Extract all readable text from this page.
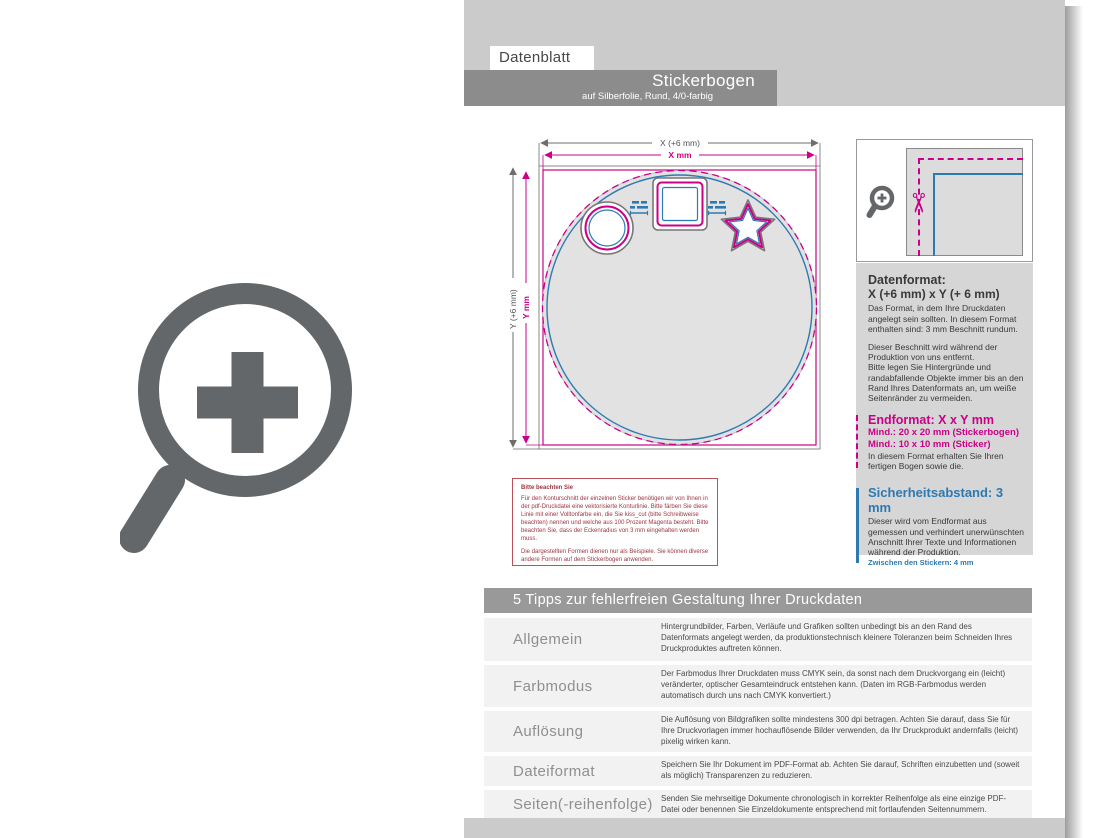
Datenblatt
Stickerbogen
auf Silberfolie, Rund, 4/0-farbig
X (+6 mm)
X mm
Y (+6 mm) Y mm
Bitte beachten Sie

Für den Konturschnitt der einzelnen Sticker benötigen wir von Ihnen in der pdf-Druckdatei eine vektorisierte Konturlinie. Bitte färben Sie diese Linie mit einer Volltonfarbe ein, die Sie kiss_cut (bitte Schreibweise beachten) nennen und welche aus 100 Prozent Magenta besteht. Bitte beachten Sie, dass der Eckenradius von 3 mm eingehalten werden muss.

Die dargestellten Formen dienen nur als Beispiele. Sie können diverse andere Formen auf dem Stickerbogen anwenden.

✂
Datenformat:
X (+6 mm) x Y (+ 6 mm)

Das Format, in dem Ihre Druckdaten angelegt sein sollten. In diesem Format enthalten sind: 3 mm Beschnitt rundum.

Dieser Beschnitt wird während der Produktion von uns entfernt.

Bitte legen Sie Hintergründe und randabfallende Objekte immer bis an den Rand Ihres Datenformats an, um weiße Seitenränder zu vermeiden.

Endformat: X x Y mm
Mind.: 20 x 20 mm (Stickerbogen)
Mind.: 10 x 10 mm (Sticker)

In diesem Format erhalten Sie Ihren fertigen Bogen sowie die.

Sicherheitsabstand: 3 mm

Dieser wird vom Endformat aus gemessen und verhindert unerwünschten Anschnitt Ihrer Texte und Informationen während der Produktion.

Zwischen den Stickern: 4 mm
5 Tipps zur fehlerfreien Gestaltung Ihrer Druckdaten
Allgemein
Hintergrundbilder, Farben, Verläufe und Grafiken sollten unbedingt bis an den Rand des Datenformats angelegt werden, da produktionstechnisch kleinere Toleranzen beim Schneiden Ihres Druckproduktes auftreten können.
Farbmodus
Der Farbmodus Ihrer Druckdaten muss CMYK sein, da sonst nach dem Druckvorgang ein (leicht) veränderter, optischer Gesamteindruck entstehen kann. (Daten im RGB-Farbmodus werden automatisch durch uns nach CMYK konvertiert.)
Auflösung
Die Auflösung von Bildgrafiken sollte mindestens 300 dpi betragen. Achten Sie darauf, dass Sie für Ihre Druckvorlagen immer hochauflösende Bilder verwenden, da Ihr Druckprodukt andernfalls (leicht) pixelig wirken kann.
Dateiformat	Speichern Sie Ihr Dokument im PDF-Format ab. Achten Sie darauf, Schriften einzubetten und (soweit als möglich) Transparenzen zu reduzieren.
Seiten(-reihenfolge)	Senden Sie mehrseitige Dokumente chronologisch in korrekter Reihenfolge als eine einzige PDF-Datei oder benennen Sie Einzeldokumente entsprechend mit fortlaufenden Seitennummern.
